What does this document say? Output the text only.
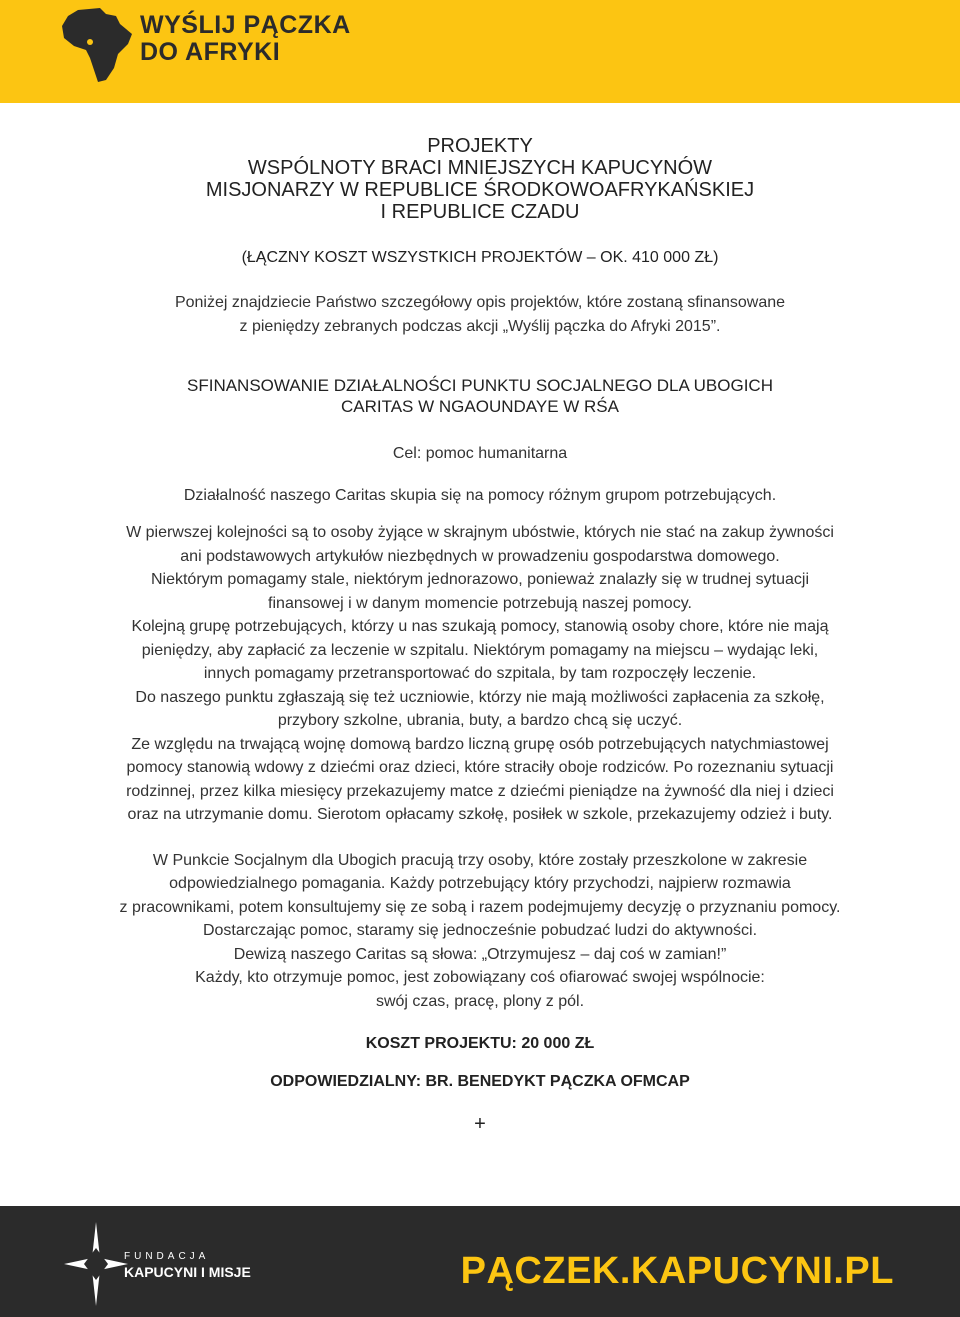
WYŚLIJ PĄCZKA
DO AFRYKI
PROJEKTY
WSPÓLNOTY BRACI MNIEJSZYCH KAPUCYNÓW
MISJONARZY W REPUBLICE ŚRODKOWOAFRYKAŃSKIEJ
I REPUBLICE CZADU
(ŁĄCZNY KOSZT WSZYSTKICH PROJEKTÓW – OK. 410 000 ZŁ)
Poniżej znajdziecie Państwo szczegółowy opis projektów, które zostaną sfinansowane
z pieniędzy zebranych podczas akcji „Wyślij pączka do Afryki 2015”.
SFINANSOWANIE DZIAŁALNOŚCI PUNKTU SOCJALNEGO DLA UBOGICH
CARITAS W NGAOUNDAYE W RŚA
Cel: pomoc humanitarna
Działalność naszego Caritas skupia się na pomocy różnym grupom potrzebujących.
W pierwszej kolejności są to osoby żyjące w skrajnym ubóstwie, których nie stać na zakup żywności
ani podstawowych artykułów niezbędnych w prowadzeniu gospodarstwa domowego.
Niektórym pomagamy stale, niektórym jednorazowo, ponieważ znalazły się w trudnej sytuacji
finansowej i w danym momencie potrzebują naszej pomocy.
Kolejną grupę potrzebujących, którzy u nas szukają pomocy, stanowią osoby chore, które nie mają
pieniędzy, aby zapłacić za leczenie w szpitalu. Niektórym pomagamy na miejscu – wydając leki,
innych pomagamy przetransportować do szpitala, by tam rozpoczęły leczenie.
Do naszego punktu zgłaszają się też uczniowie, którzy nie mają możliwości zapłacenia za szkołę,
przybory szkolne, ubrania, buty, a bardzo chcą się uczyć.
Ze względu na trwającą wojnę domową bardzo liczną grupę osób potrzebujących natychmiastowej
pomocy stanowią wdowy z dziećmi oraz dzieci, które straciły oboje rodziców. Po rozeznaniu sytuacji
rodzinnej, przez kilka miesięcy przekazujemy matce z dziećmi pieniądze na żywność dla niej i dzieci
oraz na utrzymanie domu. Sierotom opłacamy szkołę, posiłek w szkole, przekazujemy odzież i buty.
W Punkcie Socjalnym dla Ubogich pracują trzy osoby, które zostały przeszkolone w zakresie
odpowiedzialnego pomagania. Każdy potrzebujący który przychodzi, najpierw rozmawia
z pracownikami, potem konsultujemy się ze sobą i razem podejmujemy decyzję o przyznaniu pomocy.
Dostarczając pomoc, staramy się jednocześnie pobudzać ludzi do aktywności.
Dewizą naszego Caritas są słowa: „Otrzymujesz – daj coś w zamian!”
Każdy, kto otrzymuje pomoc, jest zobowiązany coś ofiarować swojej wspólnocie:
swój czas, pracę, plony z pól.
KOSZT PROJEKTU: 20 000 ZŁ
ODPOWIEDZIALNY: BR. BENEDYKT PĄCZKA OFMCAP
+
FUNDACJA
KAPUCYNI I MISJE	PĄCZEK.KAPUCYNI.PL
